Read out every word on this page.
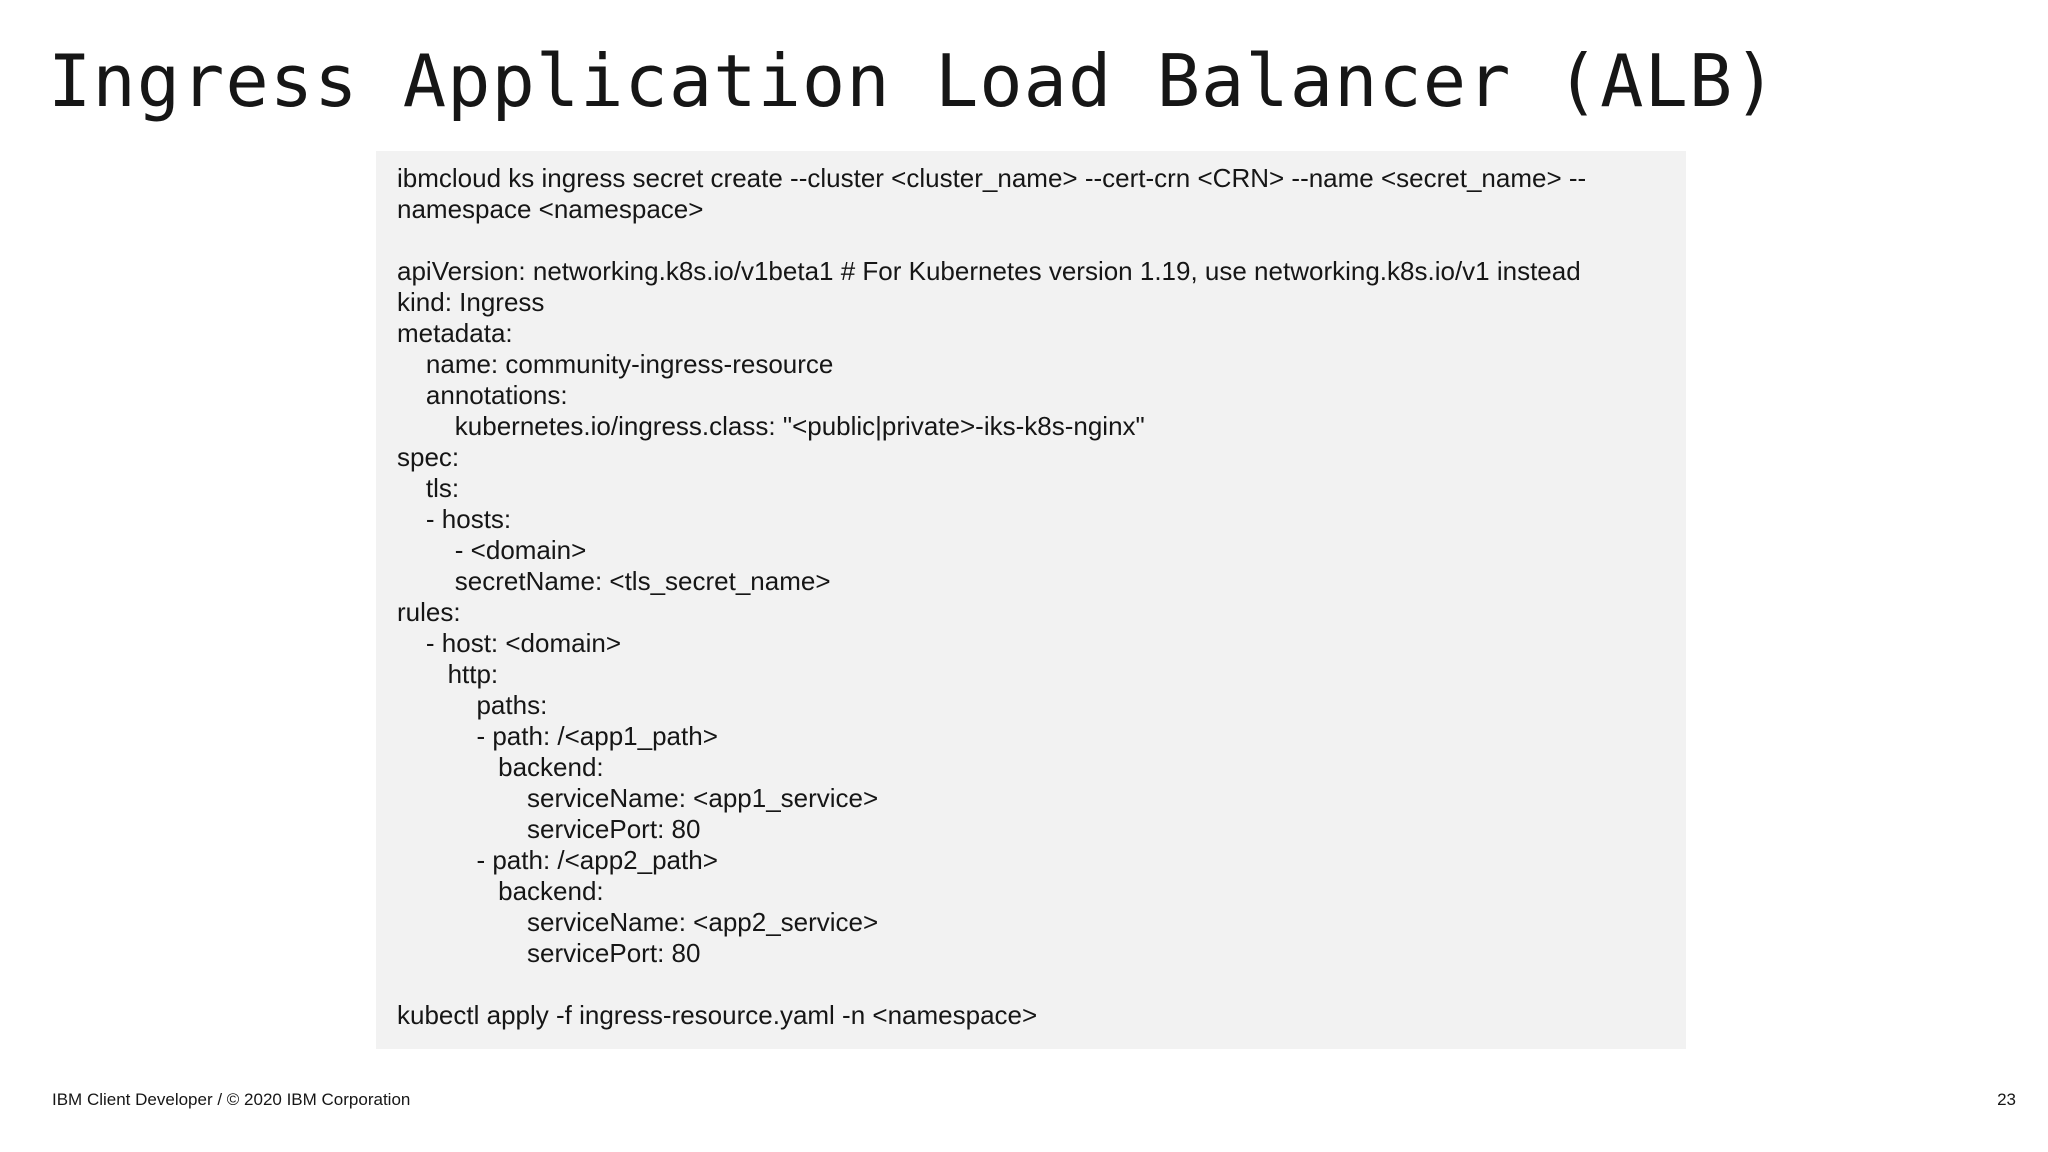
Ingress Application Load Balancer (ALB)
ibmcloud ks ingress secret create --cluster <cluster_name> --cert-crn <CRN> --name <secret_name> --
namespace <namespace>
apiVersion: networking.k8s.io/v1beta1 # For Kubernetes version 1.19, use networking.k8s.io/v1 instead
kind: Ingress
metadata:
name: community-ingress-resource
annotations:
kubernetes.io/ingress.class: "<public|private>-iks-k8s-nginx"
spec:
tls:
- hosts:
- <domain>
secretName: <tls_secret_name>
rules:
- host: <domain>
http:
paths:
- path: /<app1_path>
backend:
serviceName: <app1_service>
servicePort: 80
- path: /<app2_path>
backend:
serviceName: <app2_service>
servicePort: 80
kubectl apply -f ingress-resource.yaml -n <namespace>
IBM Client Developer / © 2020 IBM Corporation	23
